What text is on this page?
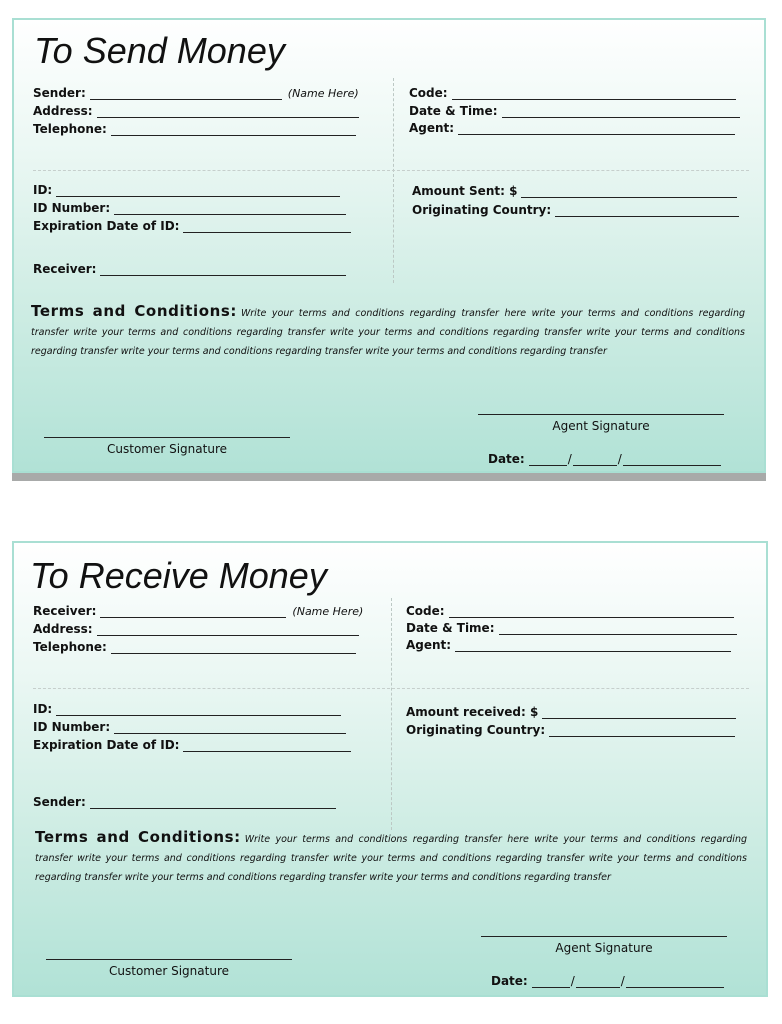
To Send Money
Sender:	(Name Here)
Address:
Telephone:
Code:
Date & Time:
Agent:
ID:
ID Number:
Expiration Date of ID:
Receiver:
Amount Sent: $
Originating Country:
Terms and Conditions: Write your terms and conditions regarding transfer here write your terms and conditions regarding transfer write your terms and conditions regarding transfer write your terms and conditions regarding transfer write your terms and conditions regarding transfer write your terms and conditions regarding transfer write your terms and conditions regarding transfer
Agent Signature
Customer Signature
Date:	/	/
To Receive Money
Receiver:	(Name Here)
Address:
Telephone:
Code:
Date & Time:
Agent:
ID:
ID Number:
Expiration Date of ID:
Sender:
Amount received: $
Originating Country:
Terms and Conditions: Write your terms and conditions regarding transfer here write your terms and conditions regarding transfer write your terms and conditions regarding transfer write your terms and conditions regarding transfer write your terms and conditions regarding transfer write your terms and conditions regarding transfer write your terms and conditions regarding transfer
Agent Signature
Customer Signature
Date:	/	/
